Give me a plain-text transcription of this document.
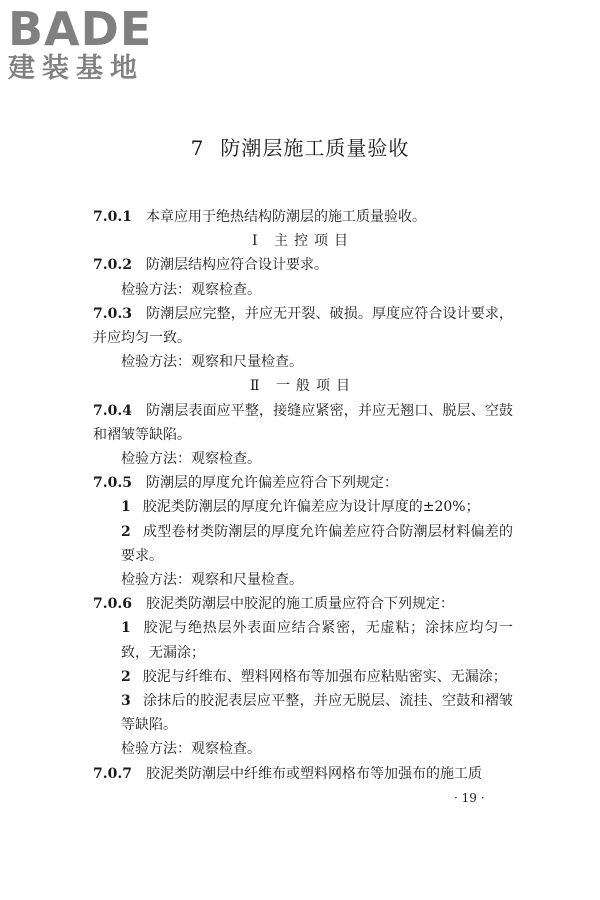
BADE
建装基地
7 防潮层施工质量验收

7.0.1 本章应用于绝热结构防潮层的施工质量验收。

Ⅰ 主控项目

7.0.2 防潮层结构应符合设计要求。

检验方法：观察检查。

7.0.3 防潮层应完整，并应无开裂、破损。厚度应符合设计要求，并应均匀一致。

检验方法：观察和尺量检查。

Ⅱ 一般项目

7.0.4 防潮层表面应平整，接缝应紧密，并应无翘口、脱层、空鼓和褶皱等缺陷。

检验方法：观察检查。

7.0.5 防潮层的厚度允许偏差应符合下列规定：

1 胶泥类防潮层的厚度允许偏差应为设计厚度的±20%；

2 成型卷材类防潮层的厚度允许偏差应符合防潮层材料偏差的要求。

检验方法：观察和尺量检查。

7.0.6 胶泥类防潮层中胶泥的施工质量应符合下列规定：

1 胶泥与绝热层外表面应结合紧密，无虚粘；涂抹应均匀一致，无漏涂；

2 胶泥与纤维布、塑料网格布等加强布应粘贴密实、无漏涂；

3 涂抹后的胶泥表层应平整，并应无脱层、流挂、空鼓和褶皱等缺陷。

检验方法：观察检查。

7.0.7 胶泥类防潮层中纤维布或塑料网格布等加强布的施工质

· 19 ·
